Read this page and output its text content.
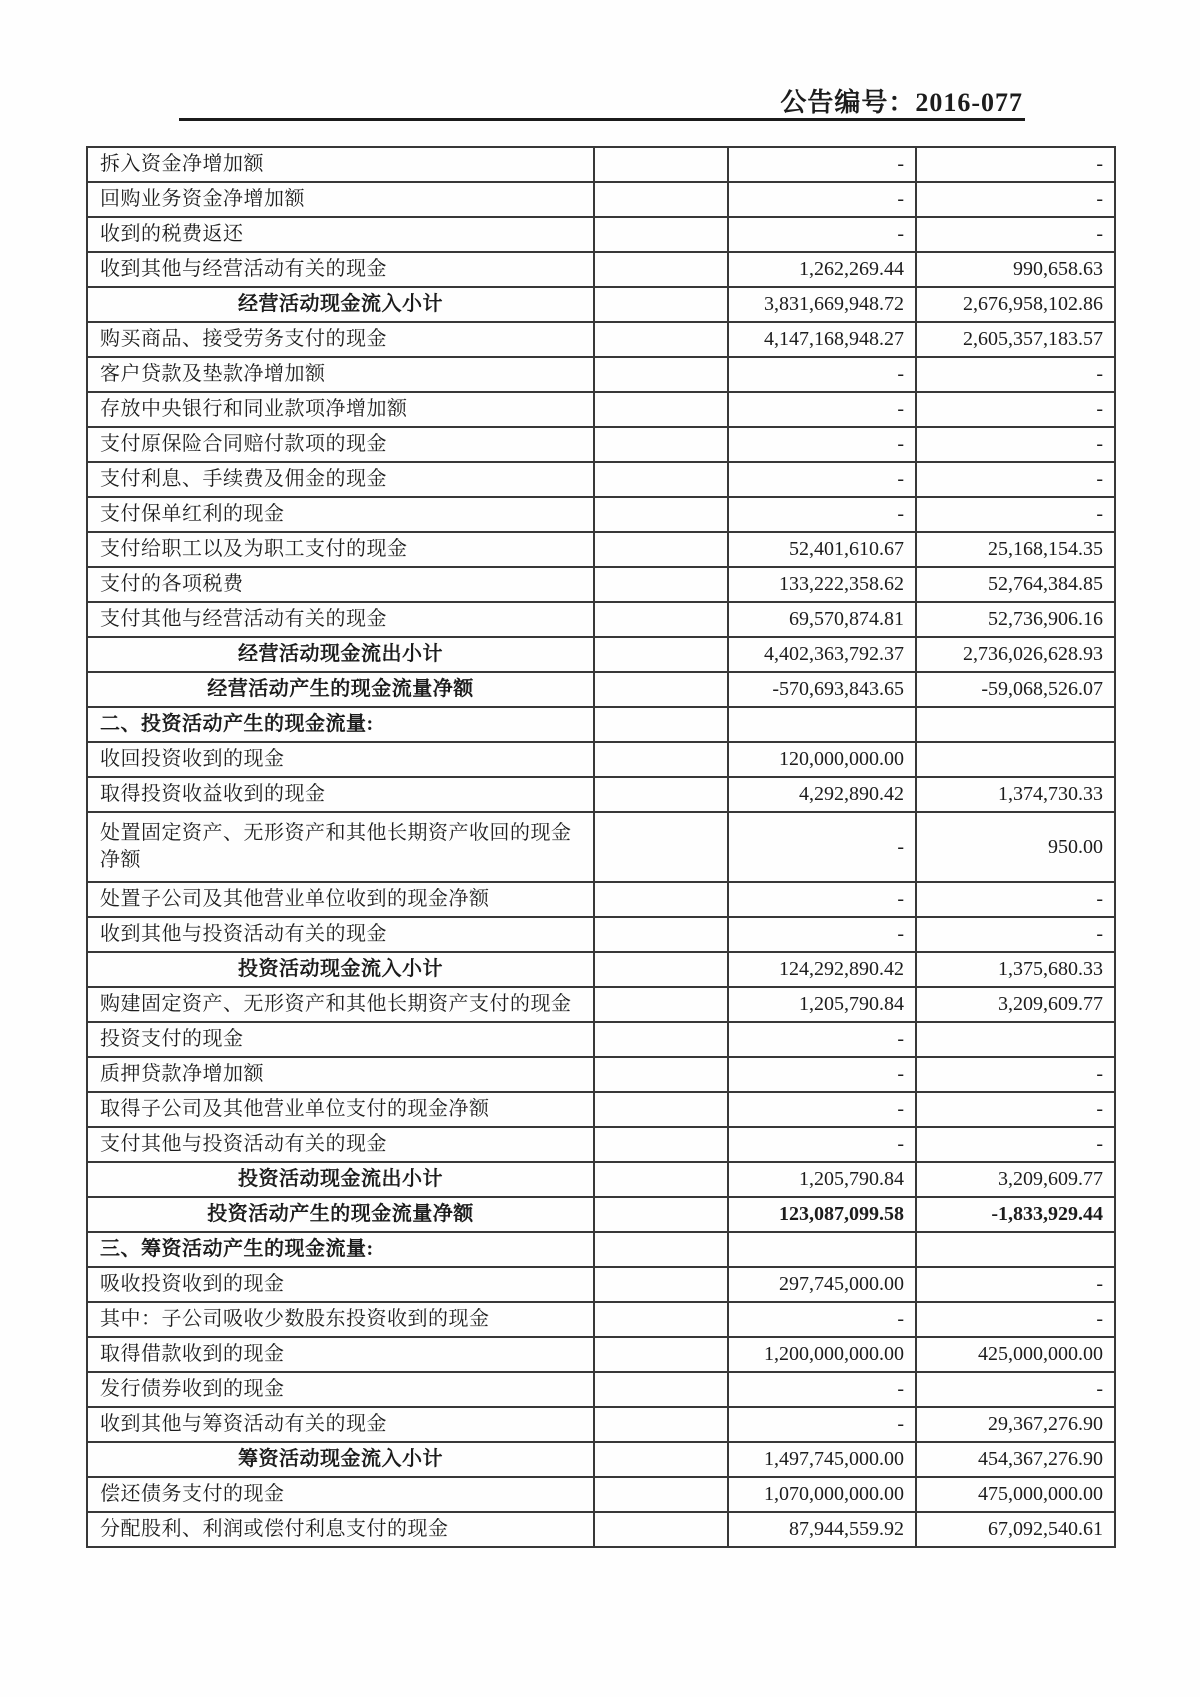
公告编号：2016-077
拆入资金净增加额		-	-
回购业务资金净增加额		-	-
收到的税费返还		-	-
收到其他与经营活动有关的现金		1,262,269.44	990,658.63
经营活动现金流入小计		3,831,669,948.72	2,676,958,102.86
购买商品、接受劳务支付的现金		4,147,168,948.27	2,605,357,183.57
客户贷款及垫款净增加额		-	-
存放中央银行和同业款项净增加额		-	-
支付原保险合同赔付款项的现金		-	-
支付利息、手续费及佣金的现金		-	-
支付保单红利的现金		-	-
支付给职工以及为职工支付的现金		52,401,610.67	25,168,154.35
支付的各项税费		133,222,358.62	52,764,384.85
支付其他与经营活动有关的现金		69,570,874.81	52,736,906.16
经营活动现金流出小计		4,402,363,792.37	2,736,026,628.93
经营活动产生的现金流量净额		-570,693,843.65	-59,068,526.07
二、投资活动产生的现金流量:			
收回投资收到的现金		120,000,000.00	
取得投资收益收到的现金		4,292,890.42	1,374,730.33
处置固定资产、无形资产和其他长期资产收回的现金净额		-	950.00
处置子公司及其他营业单位收到的现金净额		-	-
收到其他与投资活动有关的现金		-	-
投资活动现金流入小计		124,292,890.42	1,375,680.33
购建固定资产、无形资产和其他长期资产支付的现金		1,205,790.84	3,209,609.77
投资支付的现金		-	
质押贷款净增加额		-	-
取得子公司及其他营业单位支付的现金净额		-	-
支付其他与投资活动有关的现金		-	-
投资活动现金流出小计		1,205,790.84	3,209,609.77
投资活动产生的现金流量净额		123,087,099.58	-1,833,929.44
三、筹资活动产生的现金流量:			
吸收投资收到的现金		297,745,000.00	-
其中：子公司吸收少数股东投资收到的现金		-	-
取得借款收到的现金		1,200,000,000.00	425,000,000.00
发行债券收到的现金		-	-
收到其他与筹资活动有关的现金		-	29,367,276.90
筹资活动现金流入小计		1,497,745,000.00	454,367,276.90
偿还债务支付的现金		1,070,000,000.00	475,000,000.00
分配股利、利润或偿付利息支付的现金		87,944,559.92	67,092,540.61
